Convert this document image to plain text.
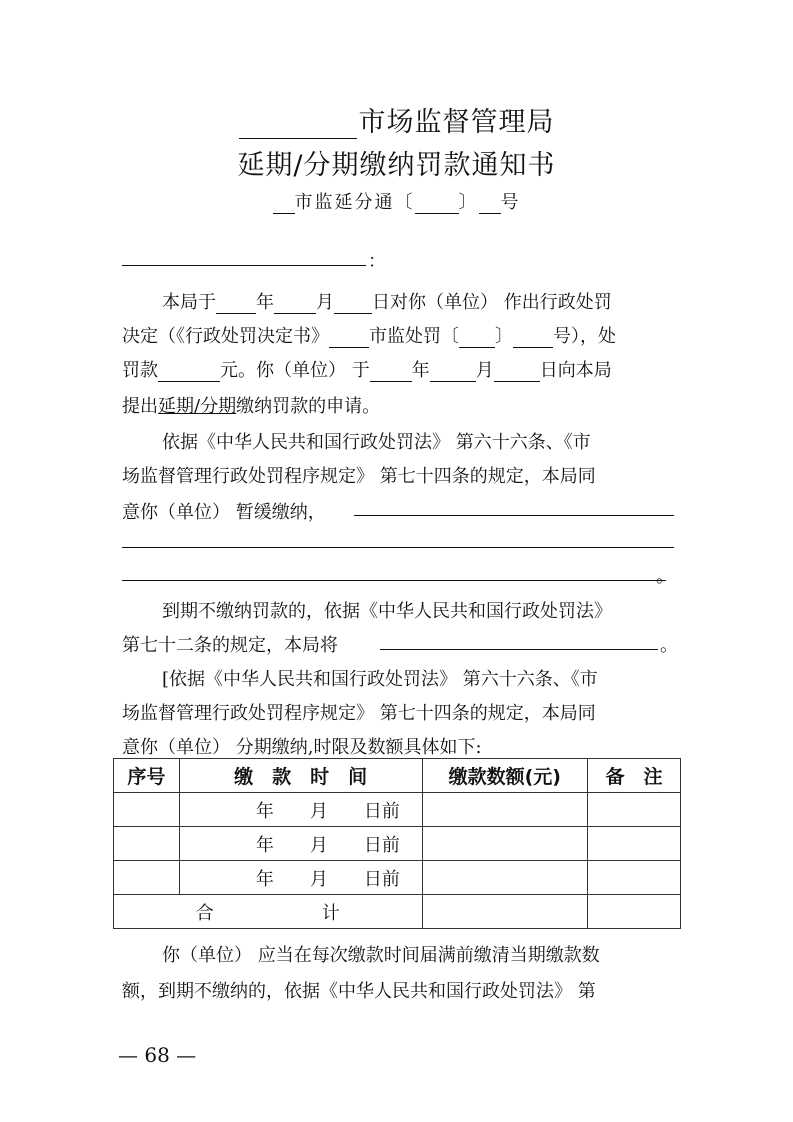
市场监督管理局
延期/分期缴纳罚款通知书
市监延分通〔 〕 号
：
本局于 年 月 日对你（单位） 作出行政处罚
决定（《行政处罚决定书》 市监处罚〔 〕 号），处
罚款	元。你（单位） 于 年	月	日向本局
提出延期/分期缴纳罚款的申请。
依据《中华人民共和国行政处罚法》 第六十六条、《市
场监督管理行政处罚程序规定》 第七十四条的规定，本局同
意你（单位） 暂缓缴纳，
。
到期不缴纳罚款的，依据《中华人民共和国行政处罚法》
第七十二条的规定，本局将	。
[依据《中华人民共和国行政处罚法》 第六十六条、《市
场监督管理行政处罚程序规定》 第七十四条的规定，本局同
意你（单位） 分期缴纳,时限及数额具体如下:
序号	缴　款　时　间	缴款数额(元)	备　注
	年　　月　　日前		
	年　　月　　日前		
	年　　月　　日前		
合　　　　　　计			
你（单位） 应当在每次缴款时间届满前缴清当期缴款数
额，到期不缴纳的，依据《中华人民共和国行政处罚法》 第
— 68 —
